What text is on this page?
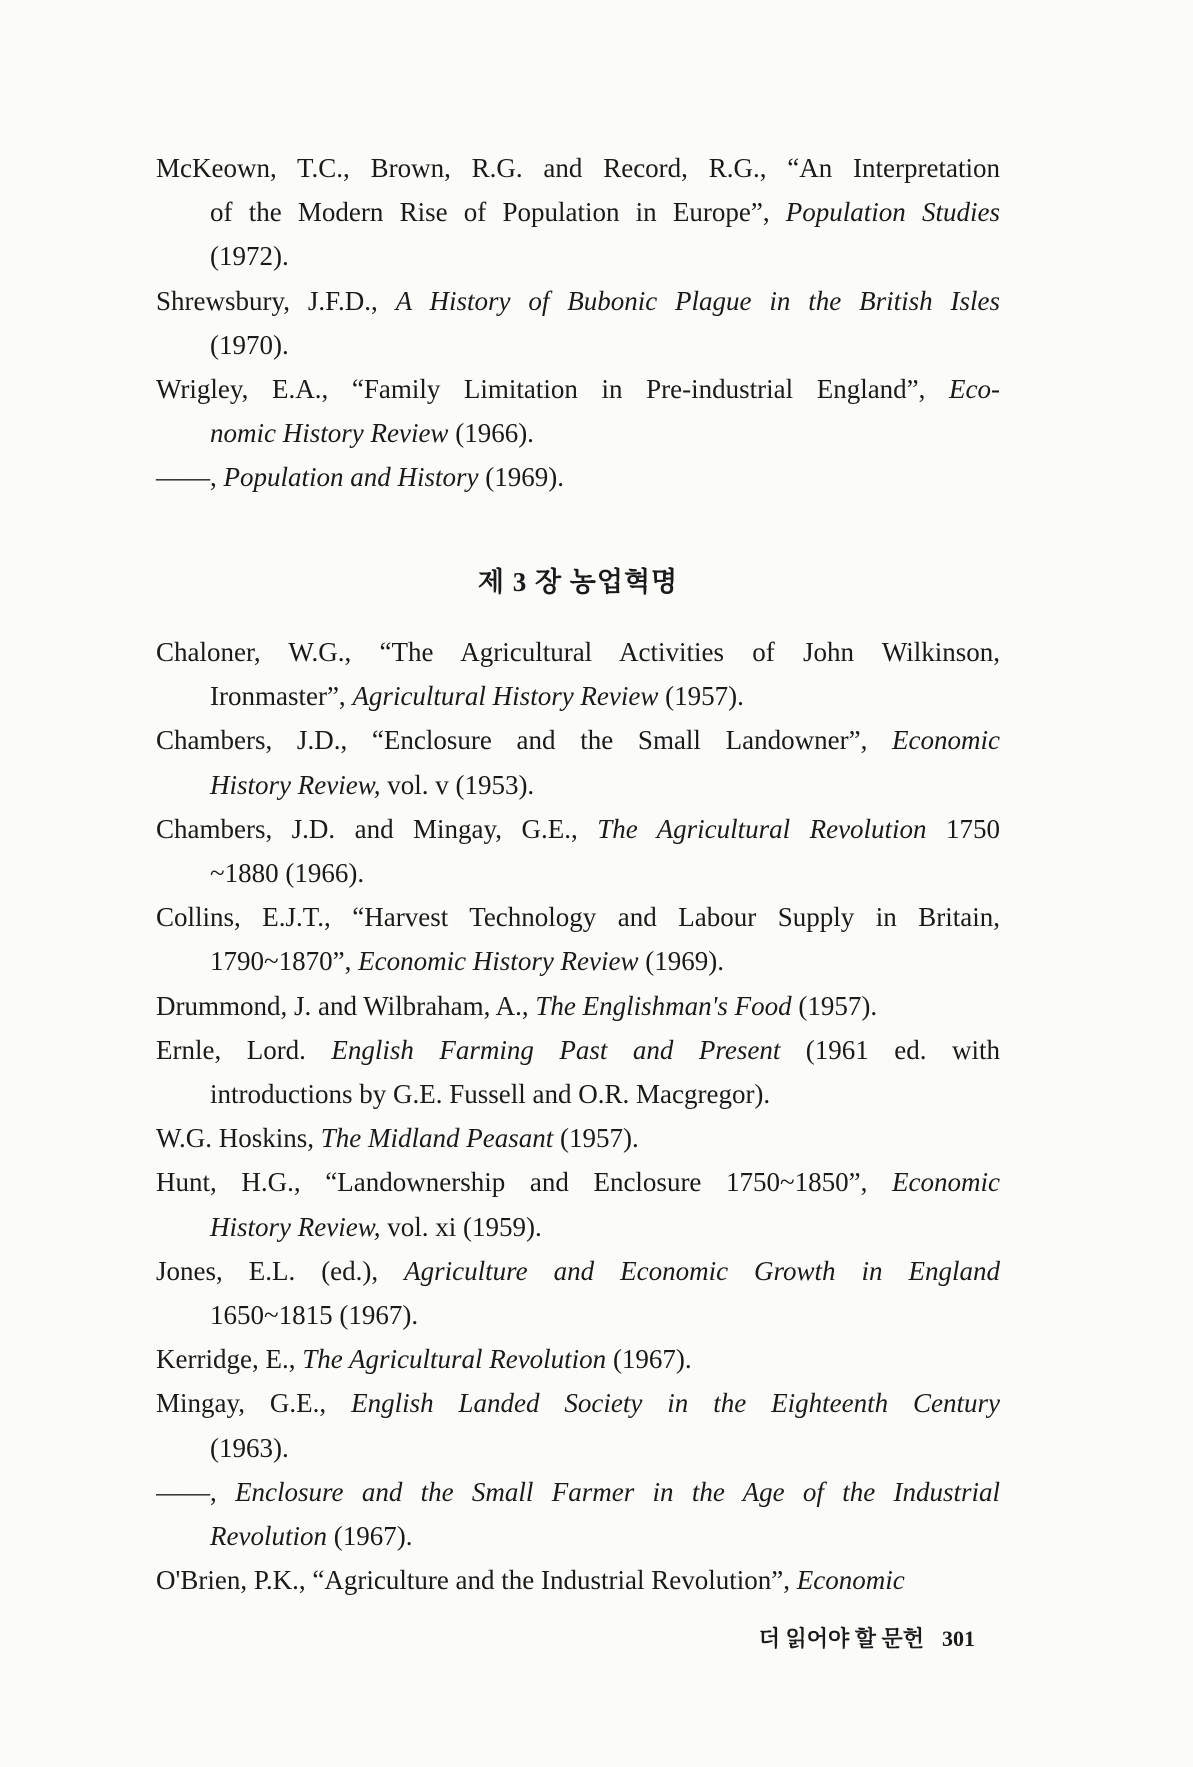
McKeown, T.C., Brown, R.G. and Record, R.G., “An Interpretation
of the Modern Rise of Population in Europe”, Population Studies
(1972).
Shrewsbury, J.F.D., A History of Bubonic Plague in the British Isles
(1970).
Wrigley, E.A., “Family Limitation in Pre-industrial England”, Eco-
nomic History Review (1966).
——, Population and History (1969).
Chaloner, W.G., “The Agricultural Activities of John Wilkinson,
Ironmaster”, Agricultural History Review (1957).
Chambers, J.D., “Enclosure and the Small Landowner”, Economic
History Review, vol. v (1953).
Chambers, J.D. and Mingay, G.E., The Agricultural Revolution 1750
~1880 (1966).
Collins, E.J.T., “Harvest Technology and Labour Supply in Britain,
1790~1870”, Economic History Review (1969).
Drummond, J. and Wilbraham, A., The Englishman's Food (1957).
Ernle, Lord. English Farming Past and Present (1961 ed. with
introductions by G.E. Fussell and O.R. Macgregor).
W.G. Hoskins, The Midland Peasant (1957).
Hunt, H.G., “Landownership and Enclosure 1750~1850”, Economic
History Review, vol. xi (1959).
Jones, E.L. (ed.), Agriculture and Economic Growth in England
1650~1815 (1967).
Kerridge, E., The Agricultural Revolution (1967).
Mingay, G.E., English Landed Society in the Eighteenth Century
(1963).
——, Enclosure and the Small Farmer in the Age of the Industrial
Revolution (1967).
O'Brien, P.K., “Agriculture and the Industrial Revolution”, Economic
제 3 장 농업혁명
더 읽어야 할 문헌 301
